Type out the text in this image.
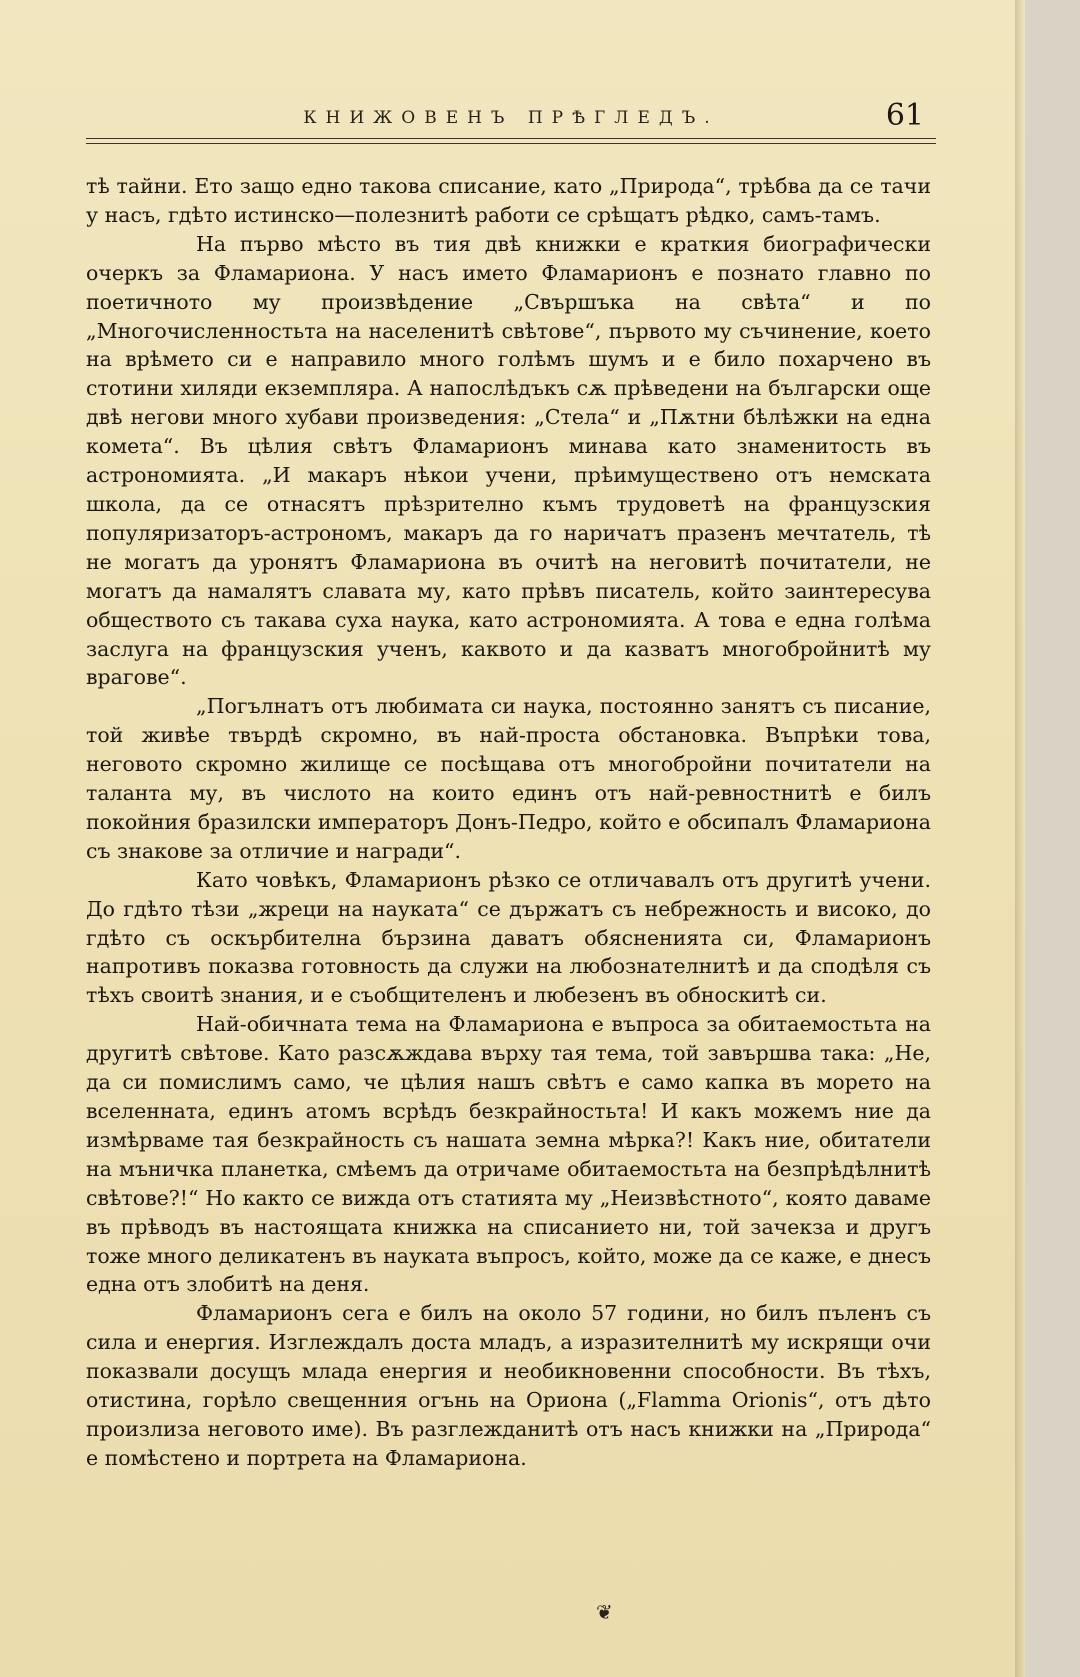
КНИЖОВЕНЪ ПРѢГЛЕДЪ.	61

тѣ тайни. Ето защо едно такова списание, като „Природа“, трѣбва да се тачи у насъ, гдѣто истинско—полезнитѣ работи се срѣщатъ рѣдко, самъ-тамъ.

На първо мѣсто въ тия двѣ книжки е краткия биографически очеркъ за Фламариона. У насъ името Фламарионъ е познато главно по поетичното му произвѣдение „Свършъка на свѣта“ и по „Многочисленностьта на населенитѣ свѣтове“, първото му съчинение, което на врѣмето си е направило много голѣмъ шумъ и е било похарчено въ стотини хиляди екземпляра. А напослѣдъкъ сѫ прѣведени на български още двѣ негови много хубави произведения: „Стела“ и „Пѫтни бѣлѣжки на една комета“. Въ цѣлия свѣтъ Фламарионъ минава като знаменитость въ астрономията. „И макаръ нѣкои учени, прѣимуществено отъ немската школа, да се отнасятъ прѣзрително къмъ трудоветѣ на французския популяризаторъ-астрономъ, макаръ да го наричатъ празенъ мечтатель, тѣ не могатъ да уронятъ Фламариона въ очитѣ на неговитѣ почитатели, не могатъ да намалятъ славата му, като прѣвъ писатель, който заинтересува обществото съ такава суха наука, като астрономията. А това е една голѣма заслуга на французския ученъ, каквото и да казватъ многобройнитѣ му врагове“.

„Погълнатъ отъ любимата си наука, постоянно занятъ съ писание, той живѣе твърдѣ скромно, въ най-проста обстановка. Въпрѣки това, неговото скромно жилище се посѣщава отъ многобройни почитатели на таланта му, въ числото на които единъ отъ най-ревностнитѣ е билъ покойния бразилски императоръ Донъ-Педро, който е обсипалъ Фламариона съ знакове за отличие и награди“.

Като човѣкъ, Фламарионъ рѣзко се отличавалъ отъ другитѣ учени. До гдѣто тѣзи „жреци на науката“ се държатъ съ небрежность и високо, до гдѣто съ оскърбителна бързина даватъ обясненията си, Фламарионъ напротивъ показва готовность да служи на любознателнитѣ и да сподѣля съ тѣхъ своитѣ знания, и е съобщителенъ и любезенъ въ обноскитѣ си.

Най-обичната тема на Фламариона е въпроса за обитаемостьта на другитѣ свѣтове. Като разсѫждава върху тая тема, той завършва така: „Не, да си помислимъ само, че цѣлия нашъ свѣтъ е само капка въ морето на вселенната, единъ атомъ всрѣдъ безкрайностьта! И какъ можемъ ние да измѣрваме тая безкрайность съ нашата земна мѣрка?! Какъ ние, обитатели на мъничка планетка, смѣемъ да отричаме обитаемостьта на безпрѣдѣлнитѣ свѣтове?!“ Но както се вижда отъ статията му „Неизвѣстното“, която даваме въ прѣводъ въ настоящата книжка на списанието ни, той зачекза и другъ тоже много деликатенъ въ науката въпросъ, който, може да се каже, е днесъ една отъ злобитѣ на деня.

Фламарионъ сега е билъ на около 57 години, но билъ пъленъ съ сила и енергия. Изглеждалъ доста младъ, а изразителнитѣ му искрящи очи показвали досущъ млада енергия и необикновенни способности. Въ тѣхъ, отистина, горѣло свещенния огънь на Ориона („Flamma Orionis“, отъ дѣто произлиза неговото име). Въ разглежданитѣ отъ насъ книжки на „Природа“ е помѣстено и портрета на Фламариона.

❦
